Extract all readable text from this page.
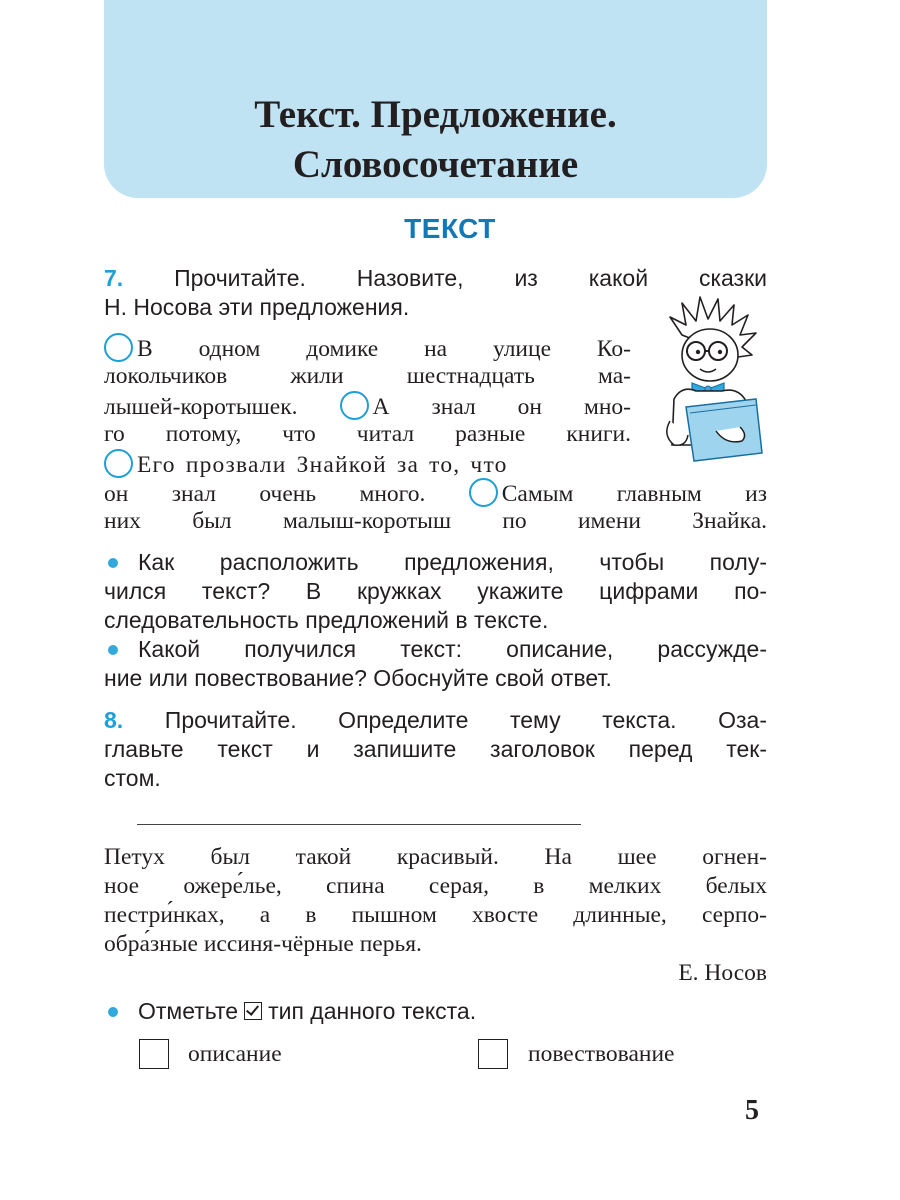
Текст. Предложение.
Словосочетание
ТЕКСТ
7. Прочитайте. Назовите, из какой сказки
Н. Носова эти предложения.
В одном домике на улице Ко-
локольчиков жили шестнадцать ма-
лышей-коротышек.	А знал он мно-
го потому, что читал разные книги.
Его прозвали Знайкой за то, что
он знал очень много.	Самым главным из
них был малыш-коротыш по имени Знайка.
Как расположить предложения, чтобы полу-
чился текст? В кружках укажите цифрами по-
следовательность предложений в тексте.
Какой получился текст: описание, рассужде-
ние или повествование? Обоснуйте свой ответ.
8. Прочитайте. Определите тему текста. Оза-
главьте текст и запишите заголовок перед тек-
стом.
Петух был такой красивый. На шее огнен-
ное ожере́лье, спина серая, в мелких белых
пестри́нках, а в пышном хвосте длинные, серпо-
обра́зные иссиня-чёрные перья.
Е. Носов
Отметьте тип данного текста.
описание	повествование
5
